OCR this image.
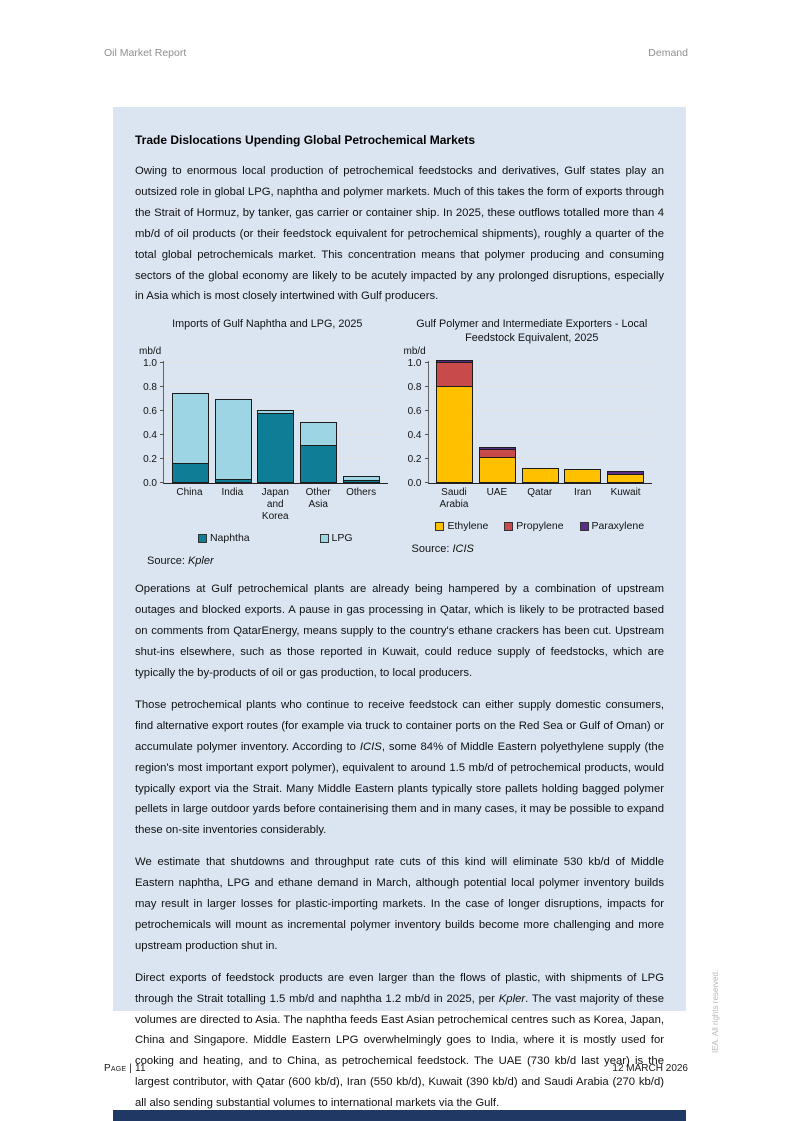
Oil Market Report	Demand
Trade Dislocations Upending Global Petrochemical Markets

Owing to enormous local production of petrochemical feedstocks and derivatives, Gulf states play an outsized role in global LPG, naphtha and polymer markets. Much of this takes the form of exports through the Strait of Hormuz, by tanker, gas carrier or container ship. In 2025, these outflows totalled more than 4 mb/d of oil products (or their feedstock equivalent for petrochemical shipments), roughly a quarter of the total global petrochemicals market. This concentration means that polymer producing and consuming sectors of the global economy are likely to be acutely impacted by any prolonged disruptions, especially in Asia which is most closely intertwined with Gulf producers.

Imports of Gulf Naphtha and LPG, 2025
mb/d
0.0
0.2
0.4
0.6
0.8
1.0
China	India	Japan and Korea
Other Asia
Others
Naphtha	LPG
Source: Kpler
Gulf Polymer and Intermediate Exporters - Local Feedstock Equivalent, 2025
mb/d
0.0
0.2
0.4
0.6
0.8
1.0
Saudi Arabia
UAE	Qatar	Iran	Kuwait
Ethylene	Propylene	Paraxylene
Source: ICIS

Operations at Gulf petrochemical plants are already being hampered by a combination of upstream outages and blocked exports. A pause in gas processing in Qatar, which is likely to be protracted based on comments from QatarEnergy, means supply to the country's ethane crackers has been cut. Upstream shut-ins elsewhere, such as those reported in Kuwait, could reduce supply of feedstocks, which are typically the by-products of oil or gas production, to local producers.

Those petrochemical plants who continue to receive feedstock can either supply domestic consumers, find alternative export routes (for example via truck to container ports on the Red Sea or Gulf of Oman) or accumulate polymer inventory. According to ICIS, some 84% of Middle Eastern polyethylene supply (the region's most important export polymer), equivalent to around 1.5 mb/d of petrochemical products, would typically export via the Strait. Many Middle Eastern plants typically store pallets holding bagged polymer pellets in large outdoor yards before containerising them and in many cases, it may be possible to expand these on-site inventories considerably.

We estimate that shutdowns and throughput rate cuts of this kind will eliminate 530 kb/d of Middle Eastern naphtha, LPG and ethane demand in March, although potential local polymer inventory builds may result in larger losses for plastic-importing markets. In the case of longer disruptions, impacts for petrochemicals will mount as incremental polymer inventory builds become more challenging and more upstream production shut in.

Direct exports of feedstock products are even larger than the flows of plastic, with shipments of LPG through the Strait totalling 1.5 mb/d and naphtha 1.2 mb/d in 2025, per Kpler. The vast majority of these volumes are directed to Asia. The naphtha feeds East Asian petrochemical centres such as Korea, Japan, China and Singapore. Middle Eastern LPG overwhelmingly goes to India, where it is mostly used for cooking and heating, and to China, as petrochemical feedstock. The UAE (730 kb/d last year) is the largest contributor, with Qatar (600 kb/d), Iran (550 kb/d), Kuwait (390 kb/d) and Saudi Arabia (270 kb/d) all also sending substantial volumes to international markets via the Gulf.

Page | 11	12 MARCH 2026
IEA. All rights reserved.
